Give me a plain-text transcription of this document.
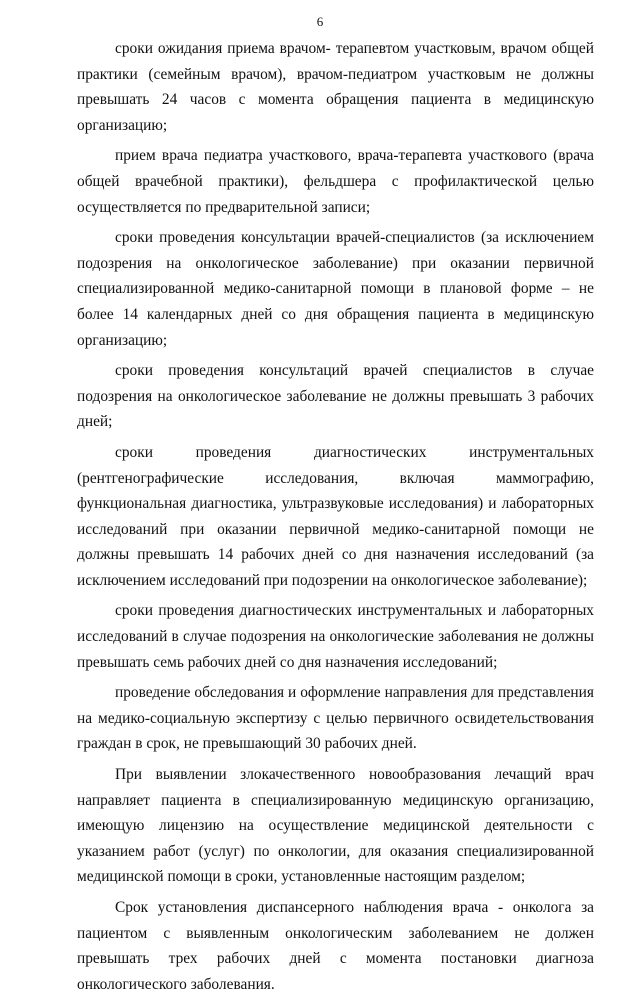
6

сроки ожидания приема врачом- терапевтом участковым, врачом общей практики (семейным врачом), врачом-педиатром участковым не должны превышать 24 часов с момента обращения пациента в медицинскую организацию;

прием врача педиатра участкового, врача-терапевта участкового (врача общей врачебной практики), фельдшера с профилактической целью осуществляется по предварительной записи;

сроки проведения консультации врачей-специалистов (за исключением подозрения на онкологическое заболевание) при оказании первичной специализированной медико-санитарной помощи в плановой форме – не более 14 календарных дней со дня обращения пациента в медицинскую организацию;

сроки проведения консультаций врачей специалистов в случае подозрения на онкологическое заболевание не должны превышать 3 рабочих дней;

сроки проведения диагностических инструментальных (рентгенографические исследования, включая маммографию, функциональная диагностика, ультразвуковые исследования) и лабораторных исследований при оказании первичной медико-санитарной помощи не должны превышать 14 рабочих дней со дня назначения исследований (за исключением исследований при подозрении на онкологическое заболевание);

сроки проведения диагностических инструментальных и лабораторных исследований в случае подозрения на онкологические заболевания не должны превышать семь рабочих дней со дня назначения исследований;

проведение обследования и оформление направления для представления на медико-социальную экспертизу с целью первичного освидетельствования граждан в срок, не превышающий 30 рабочих дней.

При выявлении злокачественного новообразования лечащий врач направляет пациента в специализированную медицинскую организацию, имеющую лицензию на осуществление медицинской деятельности с указанием работ (услуг) по онкологии, для оказания специализированной медицинской помощи в сроки, установленные настоящим разделом;

Срок установления диспансерного наблюдения врача - онколога за пациентом с выявленным онкологическим заболеванием не должен превышать трех рабочих дней с момента постановки диагноза онкологического заболевания.
